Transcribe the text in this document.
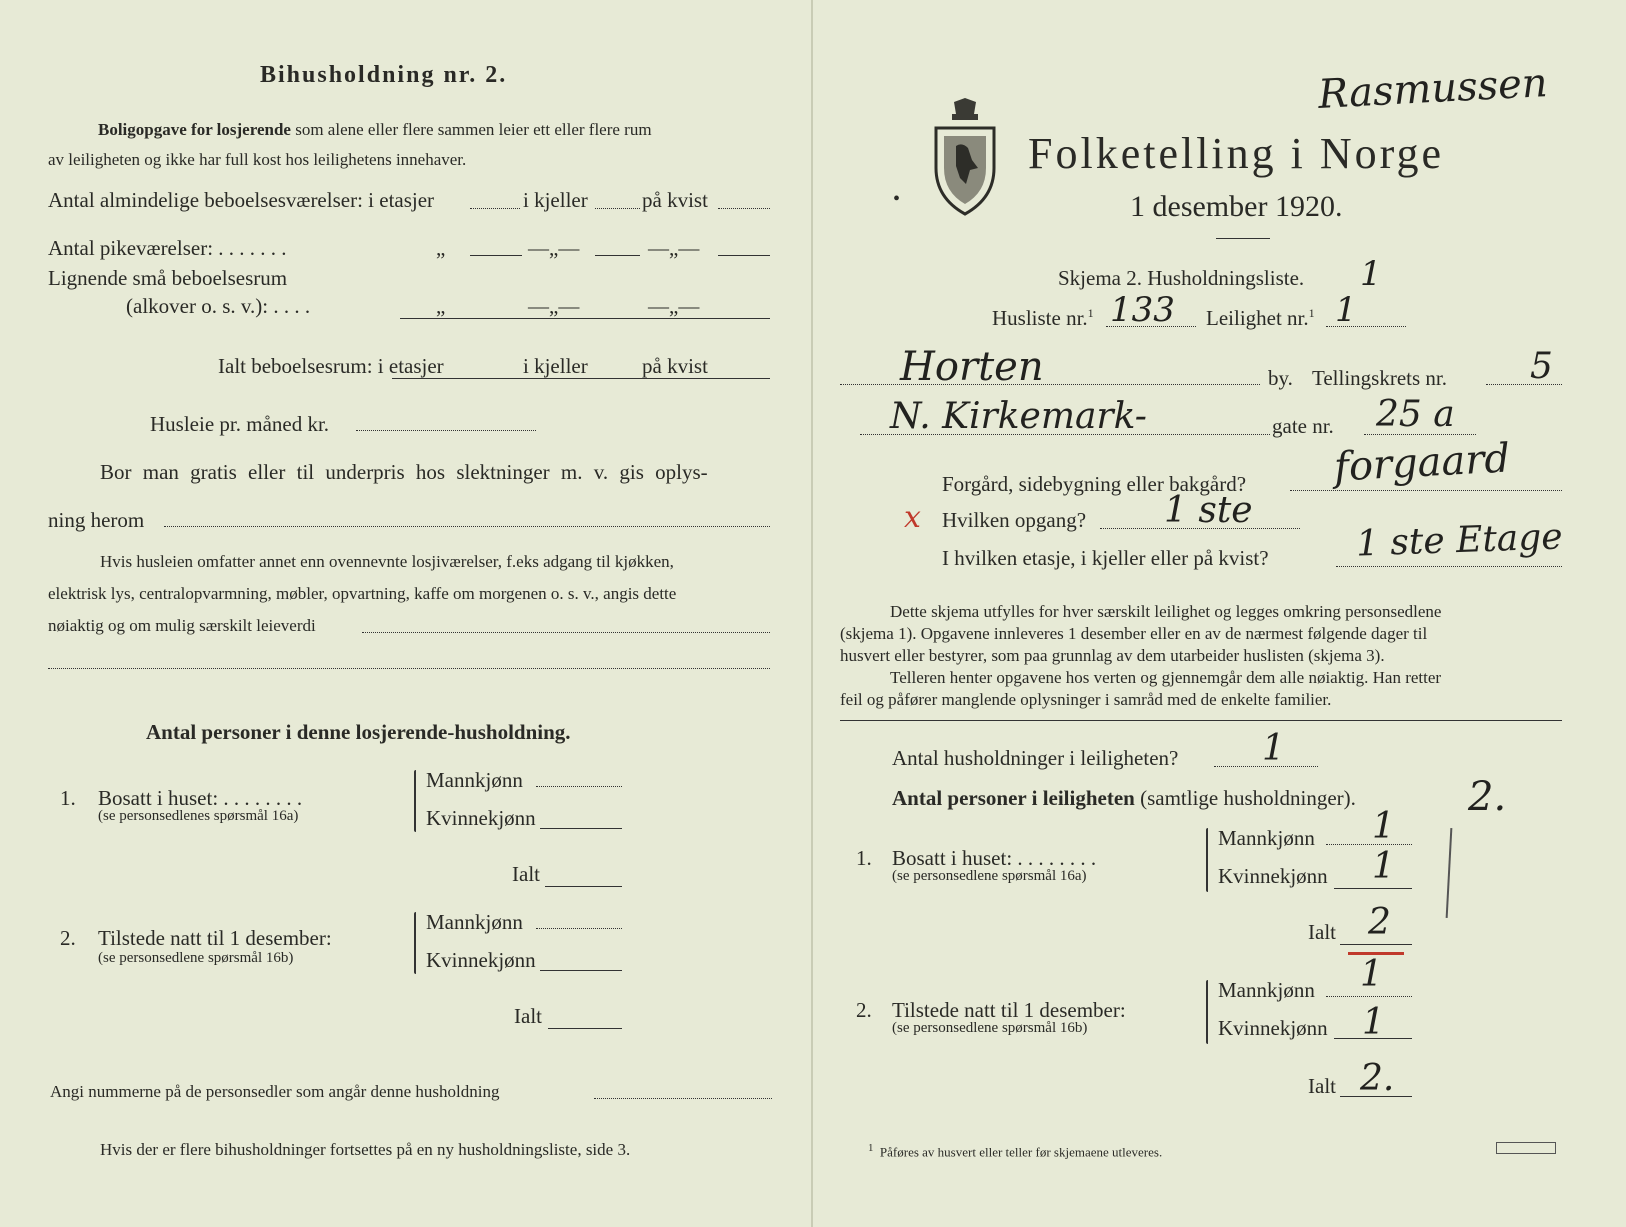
Bihusholdning nr. 2.
Boligopgave for losjerende som alene eller flere sammen leier ett eller flere rum
av leiligheten og ikke har full kost hos leilighetens innehaver.
Antal almindelige beboelsesværelser: i etasjer	i kjeller	på kvist
Antal pikeværelser: . . . . . . .	„	—„—	—„—
Lignende små beboelsesrum
(alkover o. s. v.): . . . .	„	—„—	—„—
Ialt beboelsesrum: i etasjer	i kjeller	på kvist
Husleie pr. måned kr.
Bor man gratis eller til underpris hos slektninger m. v. gis oplys-
ning herom
Hvis husleien omfatter annet enn ovennevnte losjiværelser, f.eks adgang til kjøkken,
elektrisk lys, centralopvarmning, møbler, opvartning, kaffe om morgenen o. s. v., angis dette
nøiaktig og om mulig særskilt leieverdi
Antal personer i denne losjerende-husholdning.
1. Bosatt i huset: . . . . . . . .
(se personsedlenes spørsmål 16a)
Mannkjønn
Kvinnekjønn
Ialt
2. Tilstede natt til 1 desember:
(se personsedlene spørsmål 16b)
Mannkjønn
Kvinnekjønn
Ialt
Angi nummerne på de personsedler som angår denne husholdning
Hvis der er flere bihusholdninger fortsettes på en ny husholdningsliste, side 3.
Rasmussen
Folketelling i Norge
1 desember 1920.
•
Skjema 2. Husholdningsliste. 1
Husliste nr.$^1$ 133 Leilighet nr.$^1$ 1
Horten	by. Tellingskrets nr. 5
N. Kirkemark-	gate nr. 25 a
Forgård, sidebygning eller bakgård? forgaard
x Hvilken opgang? 1 ste
I hvilken etasje, i kjeller eller på kvist? 1 ste Etage
Dette skjema utfylles for hver særskilt leilighet og legges omkring personsedlene
(skjema 1). Opgavene innleveres 1 desember eller en av de nærmest følgende dager til
husvert eller bestyrer, som paa grunnlag av dem utarbeider huslisten (skjema 3).
Telleren henter opgavene hos verten og gjennemgår dem alle nøiaktig. Han retter
feil og påfører manglende oplysninger i samråd med de enkelte familier.
Antal husholdninger i leiligheten? 1
Antal personer i leiligheten (samtlige husholdninger).	2.
1. Bosatt i huset: . . . . . . . .
(se personsedlene spørsmål 16a)
Mannkjønn 1
Kvinnekjønn 1
Ialt 2
2. Tilstede natt til 1 desember:
(se personsedlene spørsmål 16b)
Mannkjønn 1
Kvinnekjønn 1
Ialt 2.
$^1$ Påføres av husvert eller teller før skjemaene utleveres.
